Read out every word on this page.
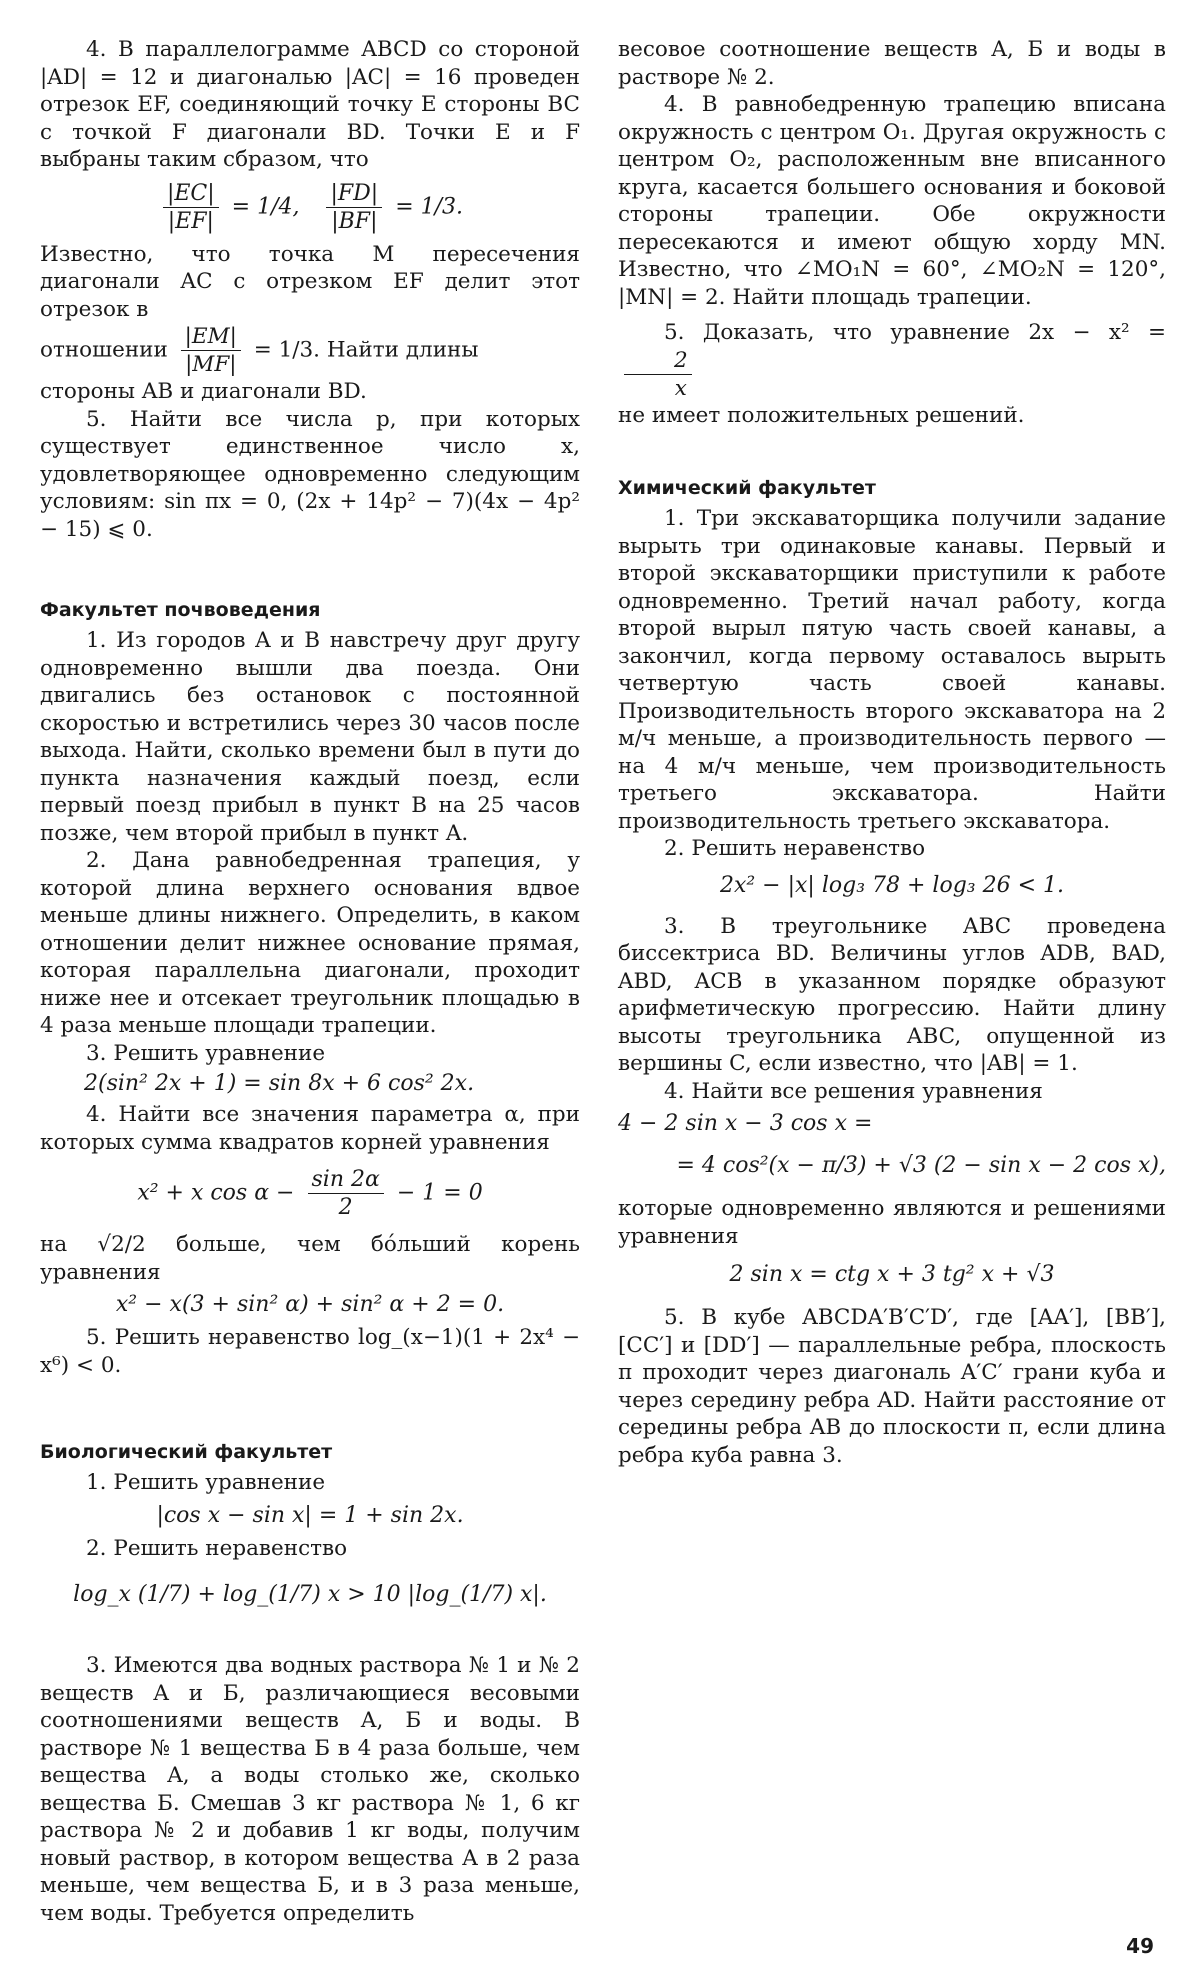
4. В параллелограмме ABCD со стороной |AD| = 12 и диагональю |AC| = 16 проведен отрезок EF, соединяющий точку E стороны BC с точкой F диагонали BD. Точки E и F выбраны таким сбразом, что

$\frac{|EC|}{|EF|} = 1/4$, $\frac{|FD|}{|BF|} = 1/3$.

Известно, что точка M пересечения диагонали AC с отрезком EF делит этот отрезок в

отношении $\frac{|EM|}{|MF|} = 1/3$. Найти длины

стороны AB и диагонали BD.

5. Найти все числа p, при которых существует единственное число x, удовлетворяющее одновременно следующим условиям: sin πx = 0, (2x + 14p² − 7)(4x − 4p² − 15) ⩽ 0.

Факультет почвоведения

1. Из городов A и B навстречу друг другу одновременно вышли два поезда. Они двигались без остановок с постоянной скоростью и встретились через 30 часов после выхода. Найти, сколько времени был в пути до пункта назначения каждый поезд, если первый поезд прибыл в пункт B на 25 часов позже, чем второй прибыл в пункт A.

2. Дана равнобедренная трапеция, у которой длина верхнего основания вдвое меньше длины нижнего. Определить, в каком отношении делит нижнее основание прямая, которая параллельна диагонали, проходит ниже нее и отсекает треугольник площадью в 4 раза меньше площади трапеции.

3. Решить уравнение

2(sin² 2x + 1) = sin 8x + 6 cos² 2x.

4. Найти все значения параметра α, при которых сумма квадратов корней уравнения

x² + x $\cos \alpha - \frac{\sin 2\alpha}{2} - 1 = 0$

на √2/2 больше, чем бо́льший корень уравнения

x² − x(3 + sin² α) + sin² α + 2 = 0.

5. Решить неравенство log_(x−1)(1 + 2x⁴ − x⁶) < 0.

Биологический факультет

1. Решить уравнение

|cos x − sin x| = 1 + sin 2x.

2. Решить неравенство

log_x (1/7) + log_(1/7) x > 10 |log_(1/7) x|.

3. Имеются два водных раствора № 1 и № 2 веществ A и Б, различающиеся весовыми соотношениями веществ A, Б и воды. В растворе № 1 вещества Б в 4 раза больше, чем вещества A, а воды столько же, сколько вещества Б. Смешав 3 кг раствора № 1, 6 кг раствора № 2 и добавив 1 кг воды, получим новый раствор, в котором вещества A в 2 раза меньше, чем вещества Б, и в 3 раза меньше, чем воды. Требуется определить

весовое соотношение веществ A, Б и воды в растворе № 2.

4. В равнобедренную трапецию вписана окружность с центром O₁. Другая окружность с центром O₂, расположенным вне вписанного круга, касается большего основания и боковой стороны трапеции. Обе окружности пересекаются и имеют общую хорду MN. Известно, что ∠MO₁N = 60°, ∠MO₂N = 120°, |MN| = 2. Найти площадь трапеции.

5. Доказать, что уравнение 2x − x² =
$\frac{2}{x}$

не имеет положительных решений.

Химический факультет

1. Три экскаваторщика получили задание вырыть три одинаковые канавы. Первый и второй экскаваторщики приступили к работе одновременно. Третий начал работу, когда второй вырыл пятую часть своей канавы, а закончил, когда первому оставалось вырыть четвертую часть своей канавы. Производительность второго экскаватора на 2 м/ч меньше, а производительность первого — на 4 м/ч меньше, чем производительность третьего экскаватора. Найти производительность третьего экскаватора.

2. Решить неравенство

2x² − |x| log₃ 78 + log₃ 26 < 1.

3. В треугольнике ABC проведена биссектриса BD. Величины углов ADB, BAD, ABD, ACB в указанном порядке образуют арифметическую прогрессию. Найти длину высоты треугольника ABC, опущенной из вершины C, если известно, что |AB| = 1.

4. Найти все решения уравнения

4 − 2 sin x − 3 cos x =
= 4 cos²(x − π/3) + √3 (2 − sin x − 2 cos x),

которые одновременно являются и решениями уравнения

2 sin x = ctg x + 3 tg² x + √3

5. В кубе ABCDA′B′C′D′, где [AA′], [BB′], [CC′] и [DD′] — параллельные ребра, плоскость π проходит через диагональ A′C′ грани куба и через середину ребра AD. Найти расстояние от середины ребра AB до плоскости π, если длина ребра куба равна 3.

49
